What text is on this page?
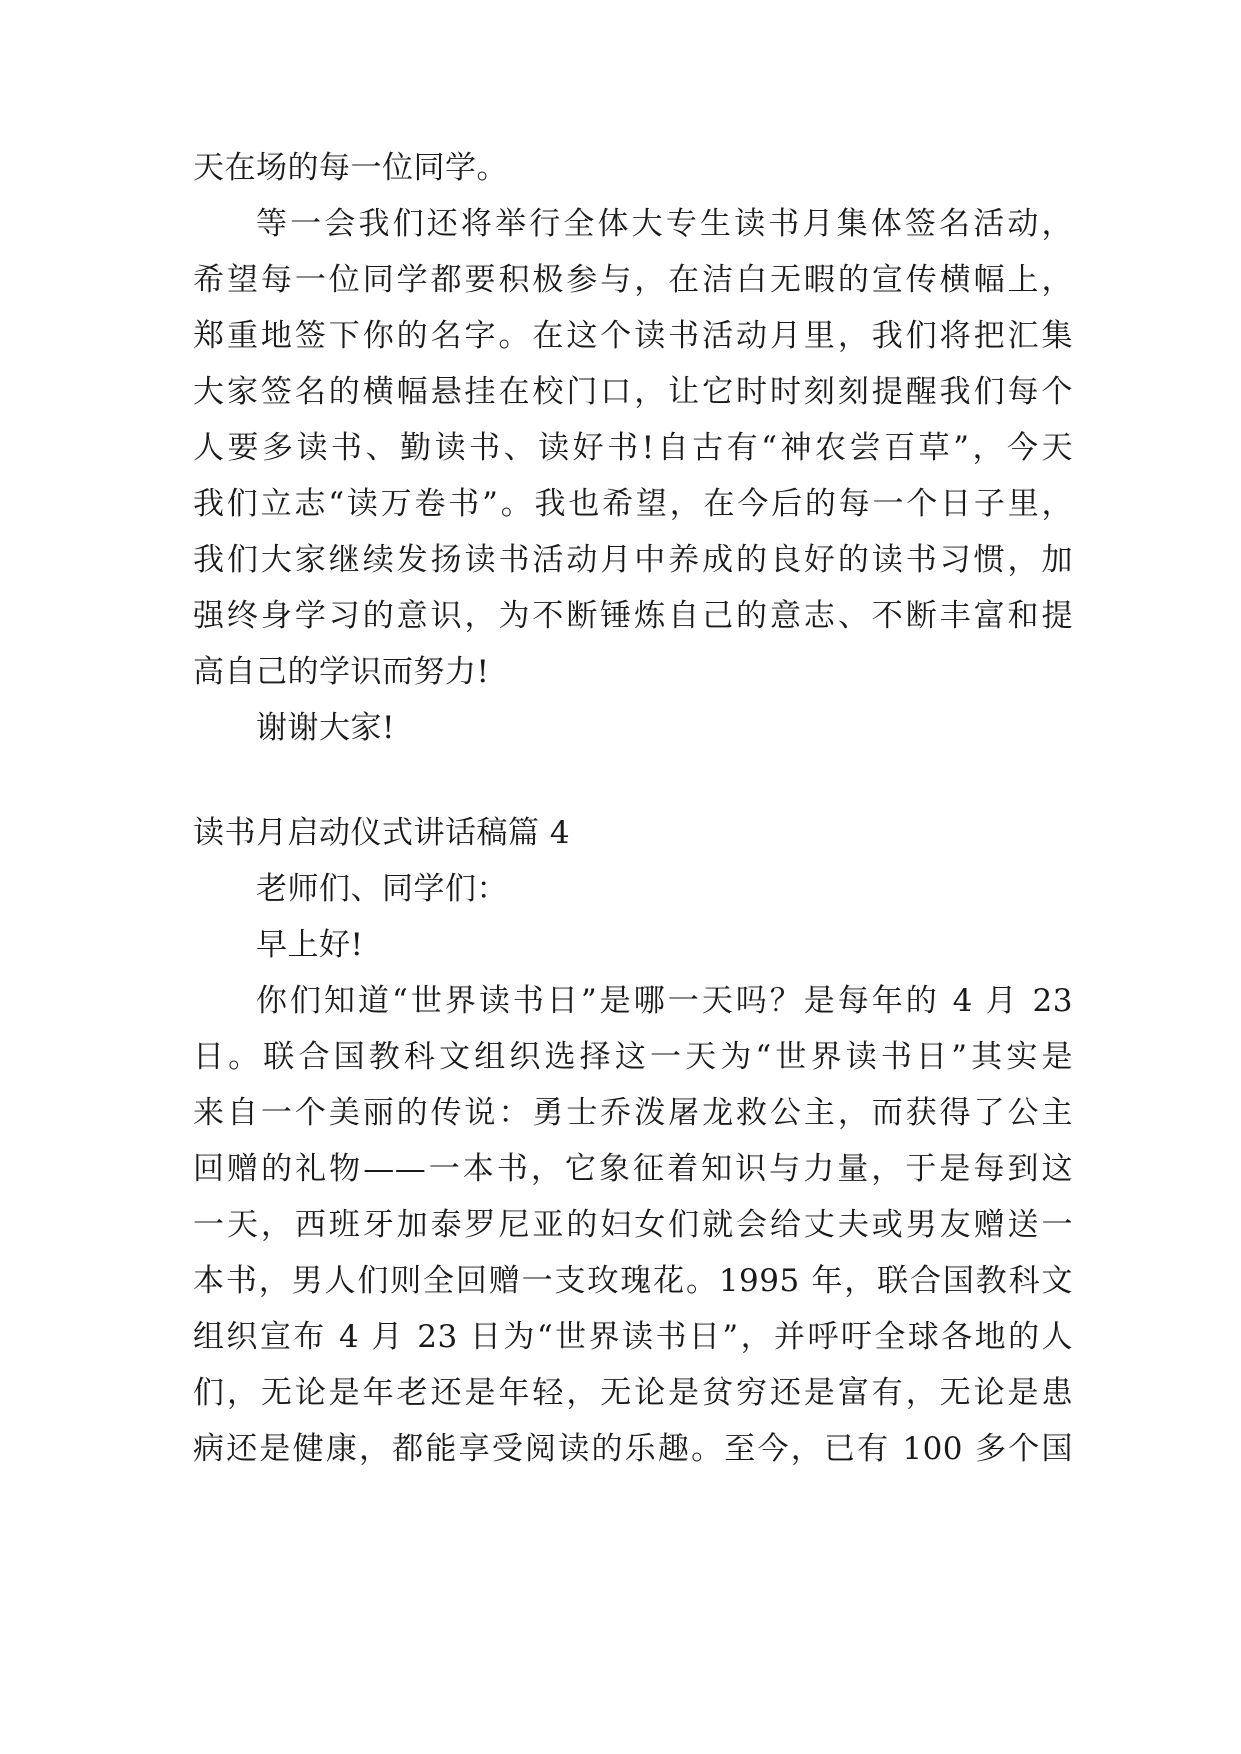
天在场的每一位同学。
等一会我们还将举行全体大专生读书月集体签名活动，
希望每一位同学都要积极参与，在洁白无暇的宣传横幅上，
郑重地签下你的名字。在这个读书活动月里，我们将把汇集
大家签名的横幅悬挂在校门口，让它时时刻刻提醒我们每个
人要多读书、勤读书、读好书!自古有“神农尝百草”，今天
我们立志“读万卷书”。我也希望，在今后的每一个日子里，
我们大家继续发扬读书活动月中养成的良好的读书习惯，加
强终身学习的意识，为不断锤炼自己的意志、不断丰富和提
高自己的学识而努力!
谢谢大家!
读书月启动仪式讲话稿篇 4
老师们、同学们：
早上好!
你们知道“世界读书日”是哪一天吗？是每年的 4 月 23
日。联合国教科文组织选择这一天为“世界读书日”其实是
来自一个美丽的传说：勇士乔泼屠龙救公主，而获得了公主
回赠的礼物——一本书，它象征着知识与力量，于是每到这
一天，西班牙加泰罗尼亚的妇女们就会给丈夫或男友赠送一
本书，男人们则全回赠一支玫瑰花。1995 年，联合国教科文
组织宣布 4 月 23 日为“世界读书日”，并呼吁全球各地的人
们，无论是年老还是年轻，无论是贫穷还是富有，无论是患
病还是健康，都能享受阅读的乐趣。至今，已有 100 多个国
